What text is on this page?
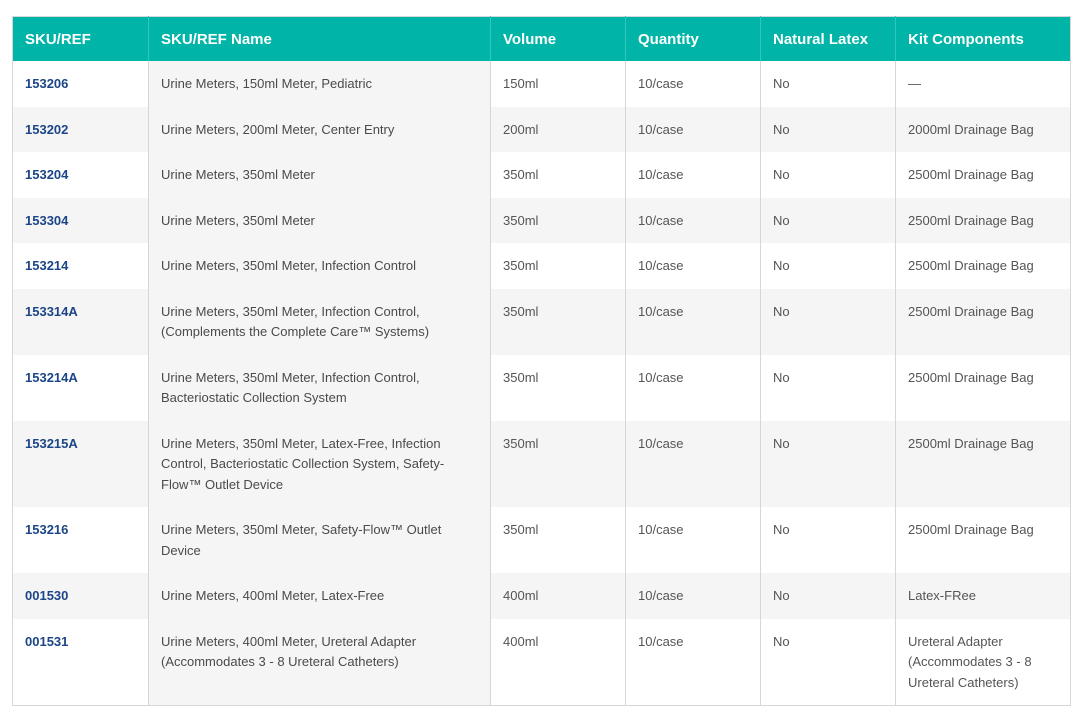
SKU/REF	SKU/REF Name	Volume	Quantity	Natural Latex	Kit Components
153206	Urine Meters, 150ml Meter, Pediatric	150ml	10/case	No	—
153202	Urine Meters, 200ml Meter, Center Entry	200ml	10/case	No	2000ml Drainage Bag
153204	Urine Meters, 350ml Meter	350ml	10/case	No	2500ml Drainage Bag
153304	Urine Meters, 350ml Meter	350ml	10/case	No	2500ml Drainage Bag
153214	Urine Meters, 350ml Meter, Infection Control	350ml	10/case	No	2500ml Drainage Bag
153314A	Urine Meters, 350ml Meter, Infection Control, (Complements the Complete Care™ Systems)	350ml	10/case	No	2500ml Drainage Bag
153214A	Urine Meters, 350ml Meter, Infection Control, Bacteriostatic Collection System	350ml	10/case	No	2500ml Drainage Bag
153215A	Urine Meters, 350ml Meter, Latex-Free, Infection Control, Bacteriostatic Collection System, Safety-Flow™ Outlet Device	350ml	10/case	No	2500ml Drainage Bag
153216	Urine Meters, 350ml Meter, Safety-Flow™ Outlet Device	350ml	10/case	No	2500ml Drainage Bag
001530	Urine Meters, 400ml Meter, Latex-Free	400ml	10/case	No	Latex-FRee
001531	Urine Meters, 400ml Meter, Ureteral Adapter (Accommodates 3 - 8 Ureteral Catheters)	400ml	10/case	No	Ureteral Adapter (Accommodates 3 - 8 Ureteral Catheters)
